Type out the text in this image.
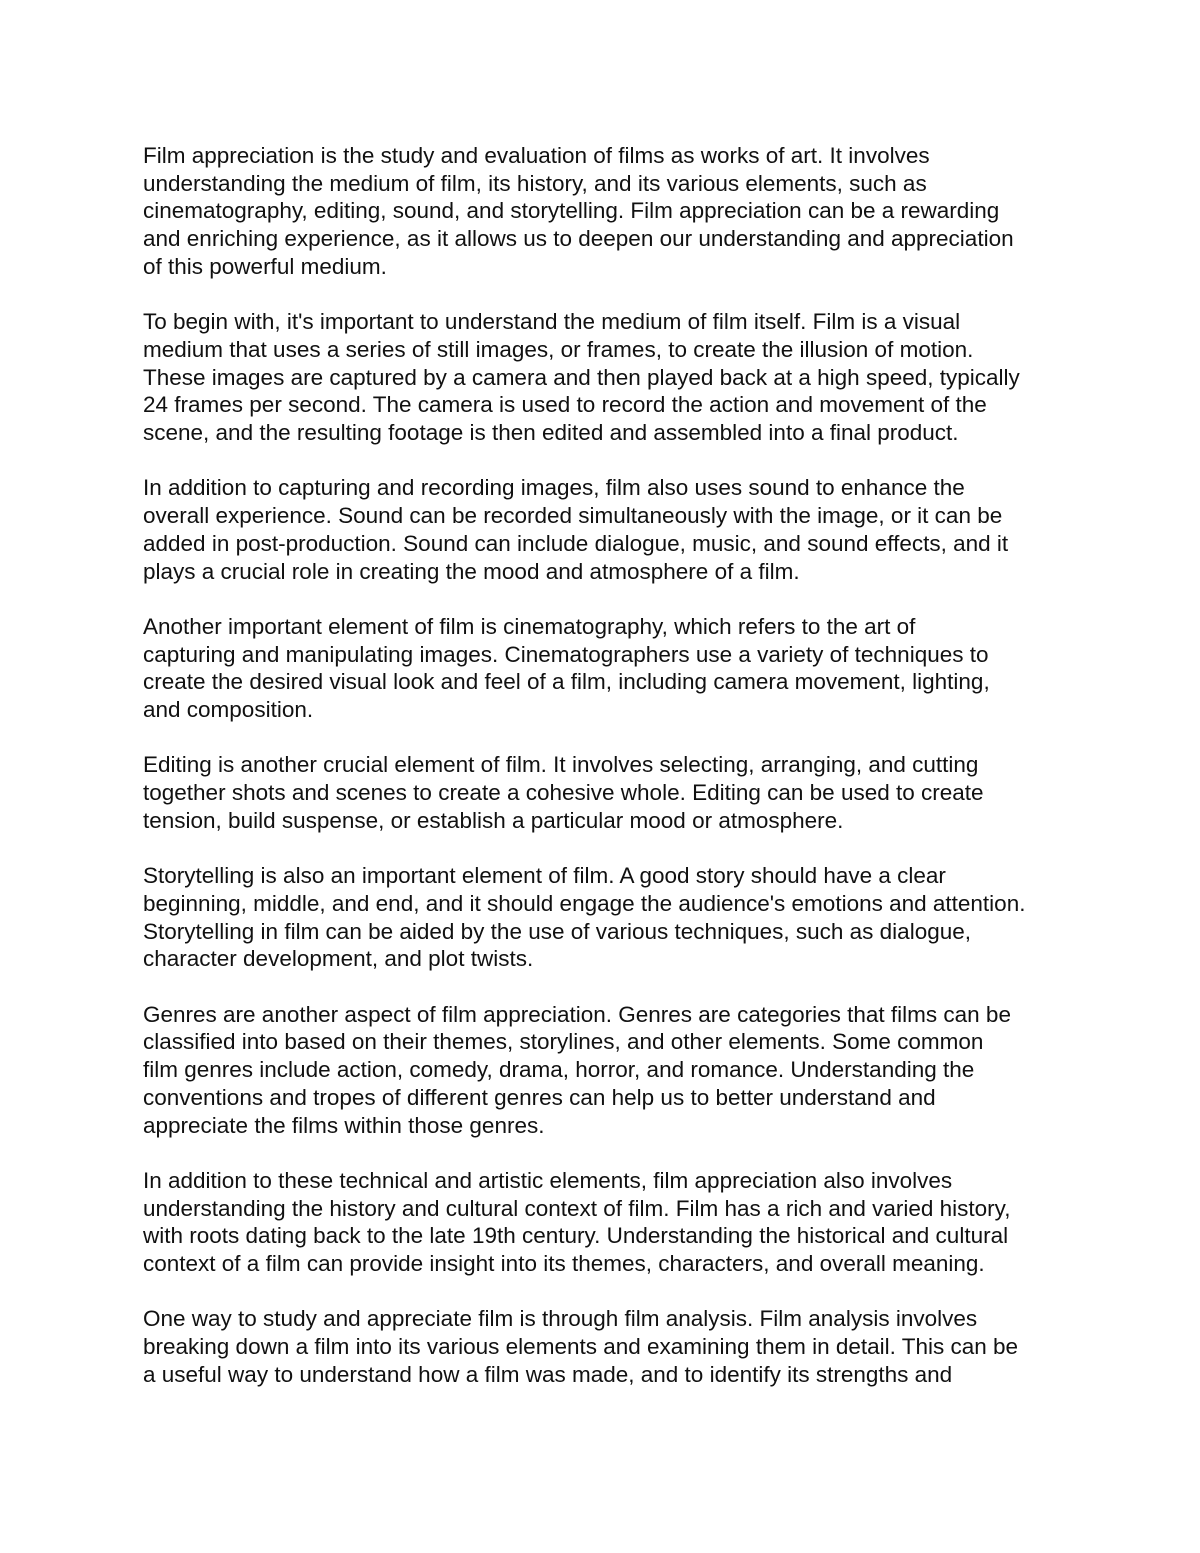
Film appreciation is the study and evaluation of films as works of art. It involves
understanding the medium of film, its history, and its various elements, such as
cinematography, editing, sound, and storytelling. Film appreciation can be a rewarding
and enriching experience, as it allows us to deepen our understanding and appreciation
of this powerful medium.

To begin with, it's important to understand the medium of film itself. Film is a visual
medium that uses a series of still images, or frames, to create the illusion of motion.
These images are captured by a camera and then played back at a high speed, typically
24 frames per second. The camera is used to record the action and movement of the
scene, and the resulting footage is then edited and assembled into a final product.

In addition to capturing and recording images, film also uses sound to enhance the
overall experience. Sound can be recorded simultaneously with the image, or it can be
added in post-production. Sound can include dialogue, music, and sound effects, and it
plays a crucial role in creating the mood and atmosphere of a film.

Another important element of film is cinematography, which refers to the art of
capturing and manipulating images. Cinematographers use a variety of techniques to
create the desired visual look and feel of a film, including camera movement, lighting,
and composition.

Editing is another crucial element of film. It involves selecting, arranging, and cutting
together shots and scenes to create a cohesive whole. Editing can be used to create
tension, build suspense, or establish a particular mood or atmosphere.

Storytelling is also an important element of film. A good story should have a clear
beginning, middle, and end, and it should engage the audience's emotions and attention.
Storytelling in film can be aided by the use of various techniques, such as dialogue,
character development, and plot twists.

Genres are another aspect of film appreciation. Genres are categories that films can be
classified into based on their themes, storylines, and other elements. Some common
film genres include action, comedy, drama, horror, and romance. Understanding the
conventions and tropes of different genres can help us to better understand and
appreciate the films within those genres.

In addition to these technical and artistic elements, film appreciation also involves
understanding the history and cultural context of film. Film has a rich and varied history,
with roots dating back to the late 19th century. Understanding the historical and cultural
context of a film can provide insight into its themes, characters, and overall meaning.

One way to study and appreciate film is through film analysis. Film analysis involves
breaking down a film into its various elements and examining them in detail. This can be
a useful way to understand how a film was made, and to identify its strengths and
